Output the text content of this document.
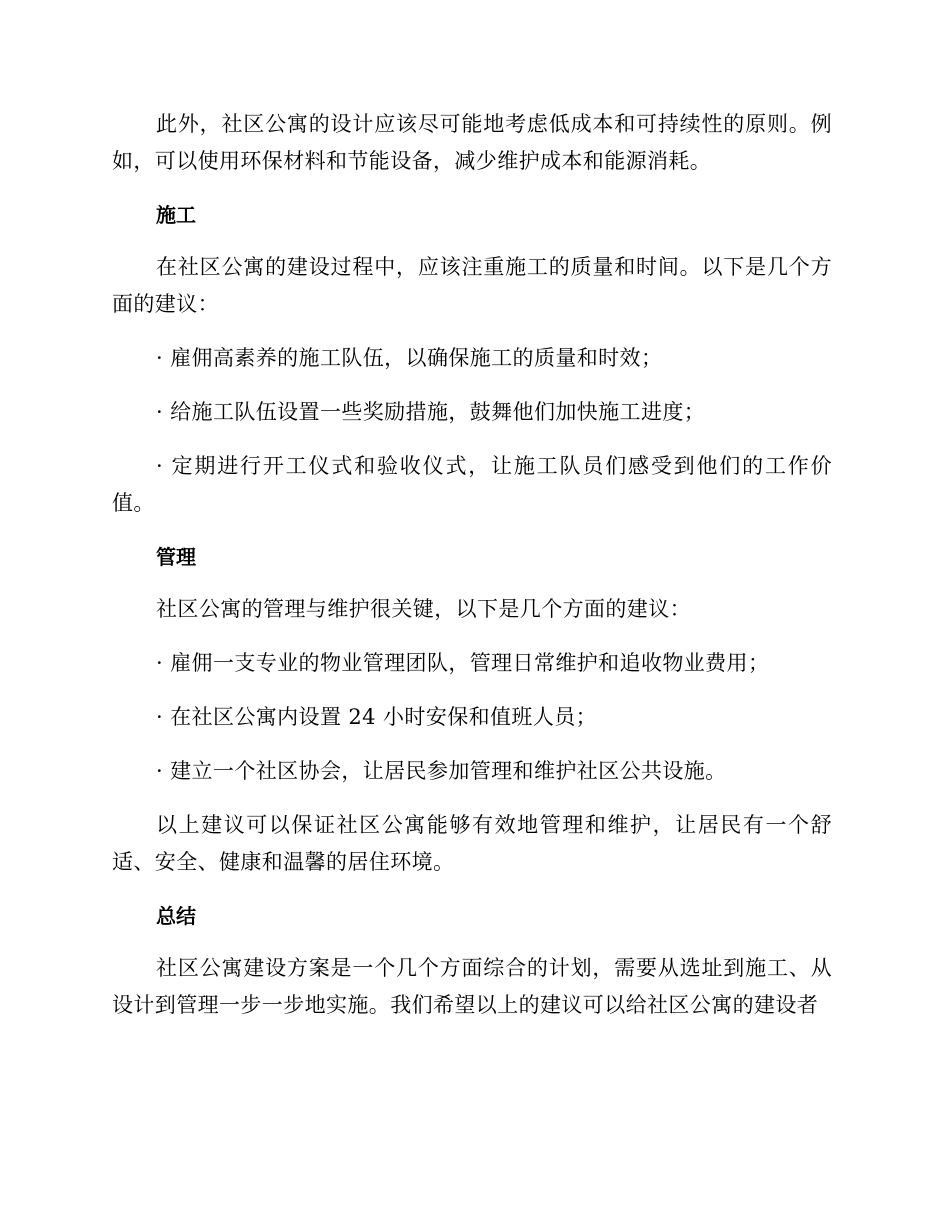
此外，社区公寓的设计应该尽可能地考虑低成本和可持续性的原则。例如，可以使用环保材料和节能设备，减少维护成本和能源消耗。

施工

在社区公寓的建设过程中，应该注重施工的质量和时间。以下是几个方面的建议：

· 雇佣高素养的施工队伍，以确保施工的质量和时效；

· 给施工队伍设置一些奖励措施，鼓舞他们加快施工进度；

· 定期进行开工仪式和验收仪式，让施工队员们感受到他们的工作价值。

管理

社区公寓的管理与维护很关键，以下是几个方面的建议：

· 雇佣一支专业的物业管理团队，管理日常维护和追收物业费用；

· 在社区公寓内设置 24 小时安保和值班人员；

· 建立一个社区协会，让居民参加管理和维护社区公共设施。

以上建议可以保证社区公寓能够有效地管理和维护，让居民有一个舒适、安全、健康和温馨的居住环境。

总结

社区公寓建设方案是一个几个方面综合的计划，需要从选址到施工、从设计到管理一步一步地实施。我们希望以上的建议可以给社区公寓的建设者
